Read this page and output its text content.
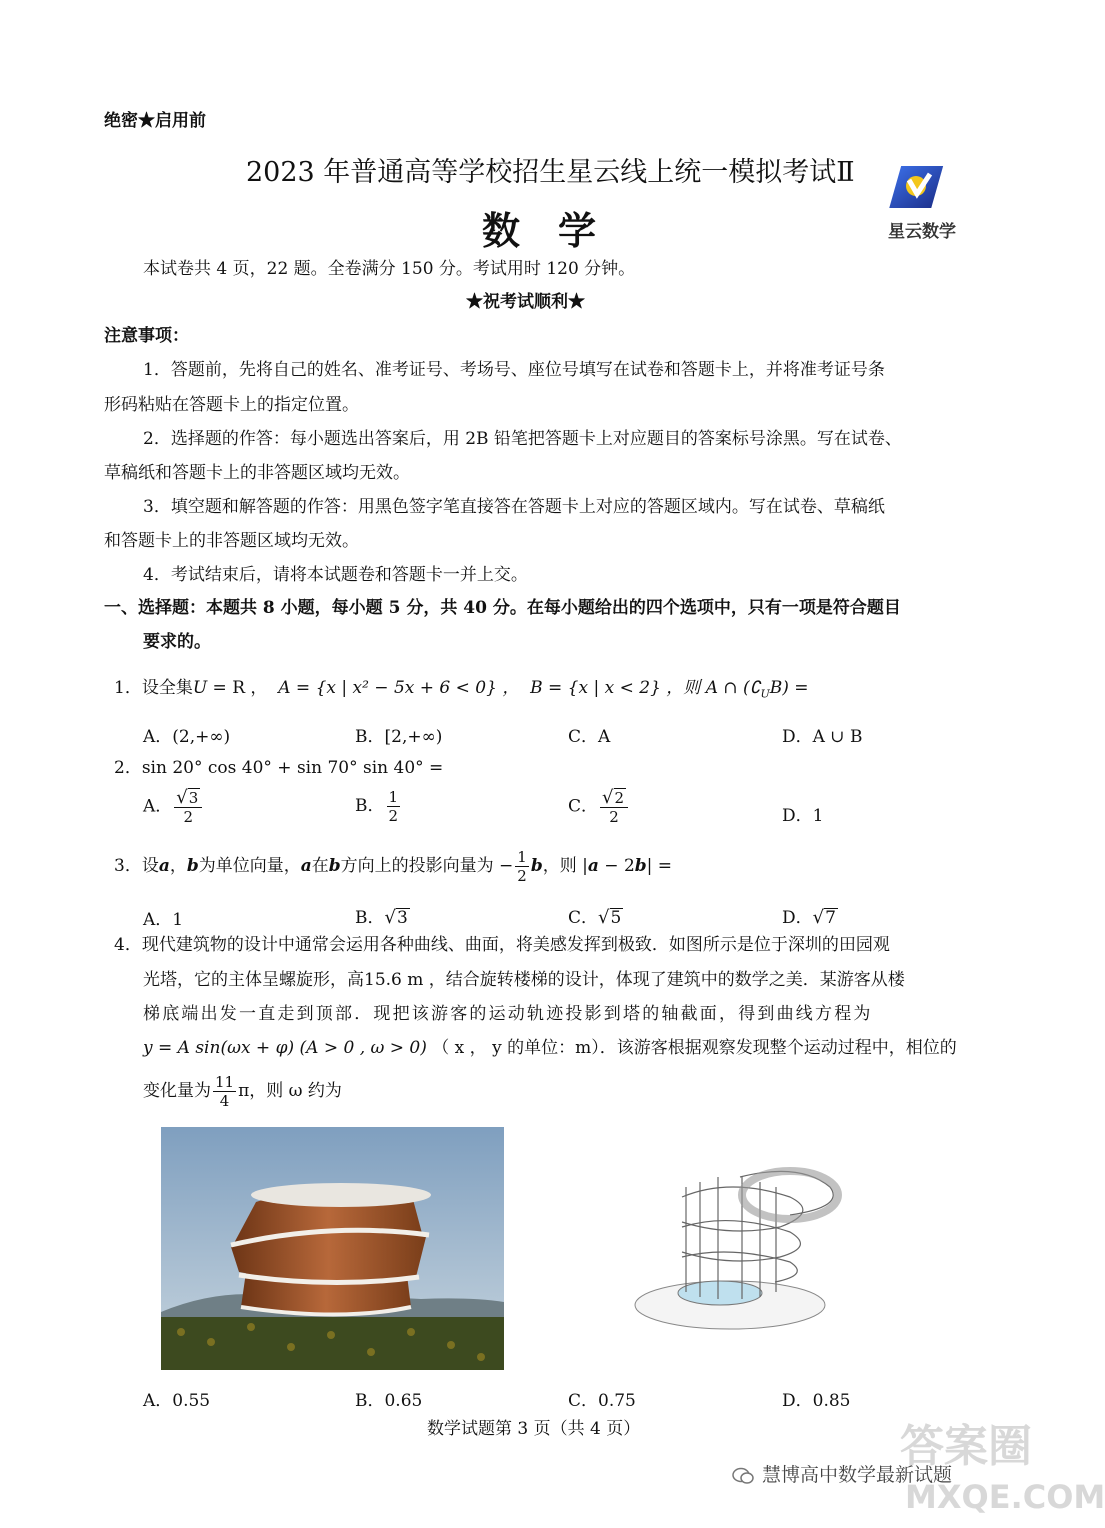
绝密★启用前
2023 年普通高等学校招生星云线上统一模拟考试Ⅱ
数　学	星云数学
本试卷共 4 页，22 题。全卷满分 150 分。考试用时 120 分钟。
★祝考试顺利★
注意事项：
1．答题前，先将自己的姓名、准考证号、考场号、座位号填写在试卷和答题卡上，并将准考证号条
形码粘贴在答题卡上的指定位置。
2．选择题的作答：每小题选出答案后，用 2B 铅笔把答题卡上对应题目的答案标号涂黑。写在试卷、
草稿纸和答题卡上的非答题区域均无效。
3．填空题和解答题的作答：用黑色签字笔直接答在答题卡上对应的答题区域内。写在试卷、草稿纸
和答题卡上的非答题区域均无效。
4．考试结束后，请将本试题卷和答题卡一并上交。
一、选择题：本题共 8 小题，每小题 5 分，共 40 分。在每小题给出的四个选项中，只有一项是符合题目
要求的。
1．设全集U = R ， A = {x | x² − 5x + 6 < 0} ， B = {x | x < 2} ，则 A ∩ $(∁_UB)$ =
A．(2,+∞)	B．[2,+∞)	C．A	D．A ∪ B
2．sin 20° cos 40° + sin 70° sin 40° =
A． $\frac{√3}{2}$	B． $\frac{1}{2}$	C． $\frac{√2}{2}$	D．1
3．设a，b为单位向量，a在b方向上的投影向量为 − $\frac{1}{2}$ b，则 |a − 2b| =
A．1	B．√3	C．√5	D．√7
4．现代建筑物的设计中通常会运用各种曲线、曲面，将美感发挥到极致．如图所示是位于深圳的田园观
光塔，它的主体呈螺旋形，高15.6 m ，结合旋转楼梯的设计，体现了建筑中的数学之美．某游客从楼
梯底端出发一直走到顶部．现把该游客的运动轨迹投影到塔的轴截面，得到曲线方程为
y = A sin(ωx + φ) (A > 0 , ω > 0) （ x ， y 的单位：m）．该游客根据观察发现整个运动过程中，相位的
变化量为 $\frac{11}{4}$ π，则 ω 约为
A．0.55	B．0.65	C．0.75	D．0.85
数学试题第 3 页（共 4 页）
慧博高中数学最新试题
答案圈
MXQE.COM
